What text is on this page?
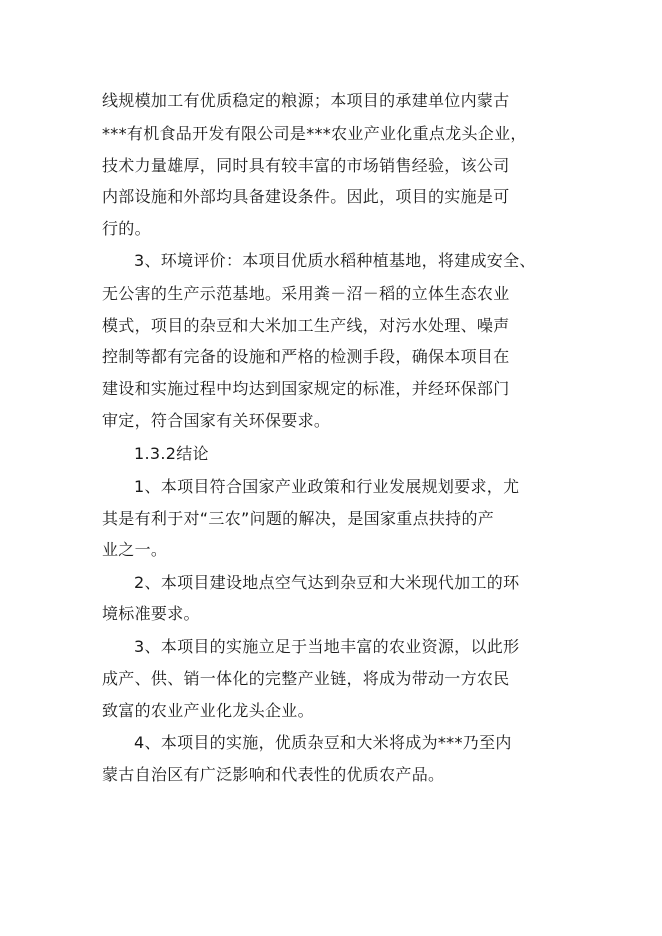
线规模加工有优质稳定的粮源；本项目的承建单位内蒙古
***有机食品开发有限公司是***农业产业化重点龙头企业，
技术力量雄厚，同时具有较丰富的市场销售经验，该公司
内部设施和外部均具备建设条件。因此，项目的实施是可
行的。
3、环境评价：本项目优质水稻种植基地，将建成安全、
无公害的生产示范基地。采用粪－沼－稻的立体生态农业
模式，项目的杂豆和大米加工生产线，对污水处理、噪声
控制等都有完备的设施和严格的检测手段，确保本项目在
建设和实施过程中均达到国家规定的标准，并经环保部门
审定，符合国家有关环保要求。
1.3.2结论
1、本项目符合国家产业政策和行业发展规划要求，尤
其是有利于对“三农”问题的解决，是国家重点扶持的产
业之一。
2、本项目建设地点空气达到杂豆和大米现代加工的环
境标准要求。
3、本项目的实施立足于当地丰富的农业资源，以此形
成产、供、销一体化的完整产业链，将成为带动一方农民
致富的农业产业化龙头企业。
4、本项目的实施，优质杂豆和大米将成为***乃至内
蒙古自治区有广泛影响和代表性的优质农产品。
